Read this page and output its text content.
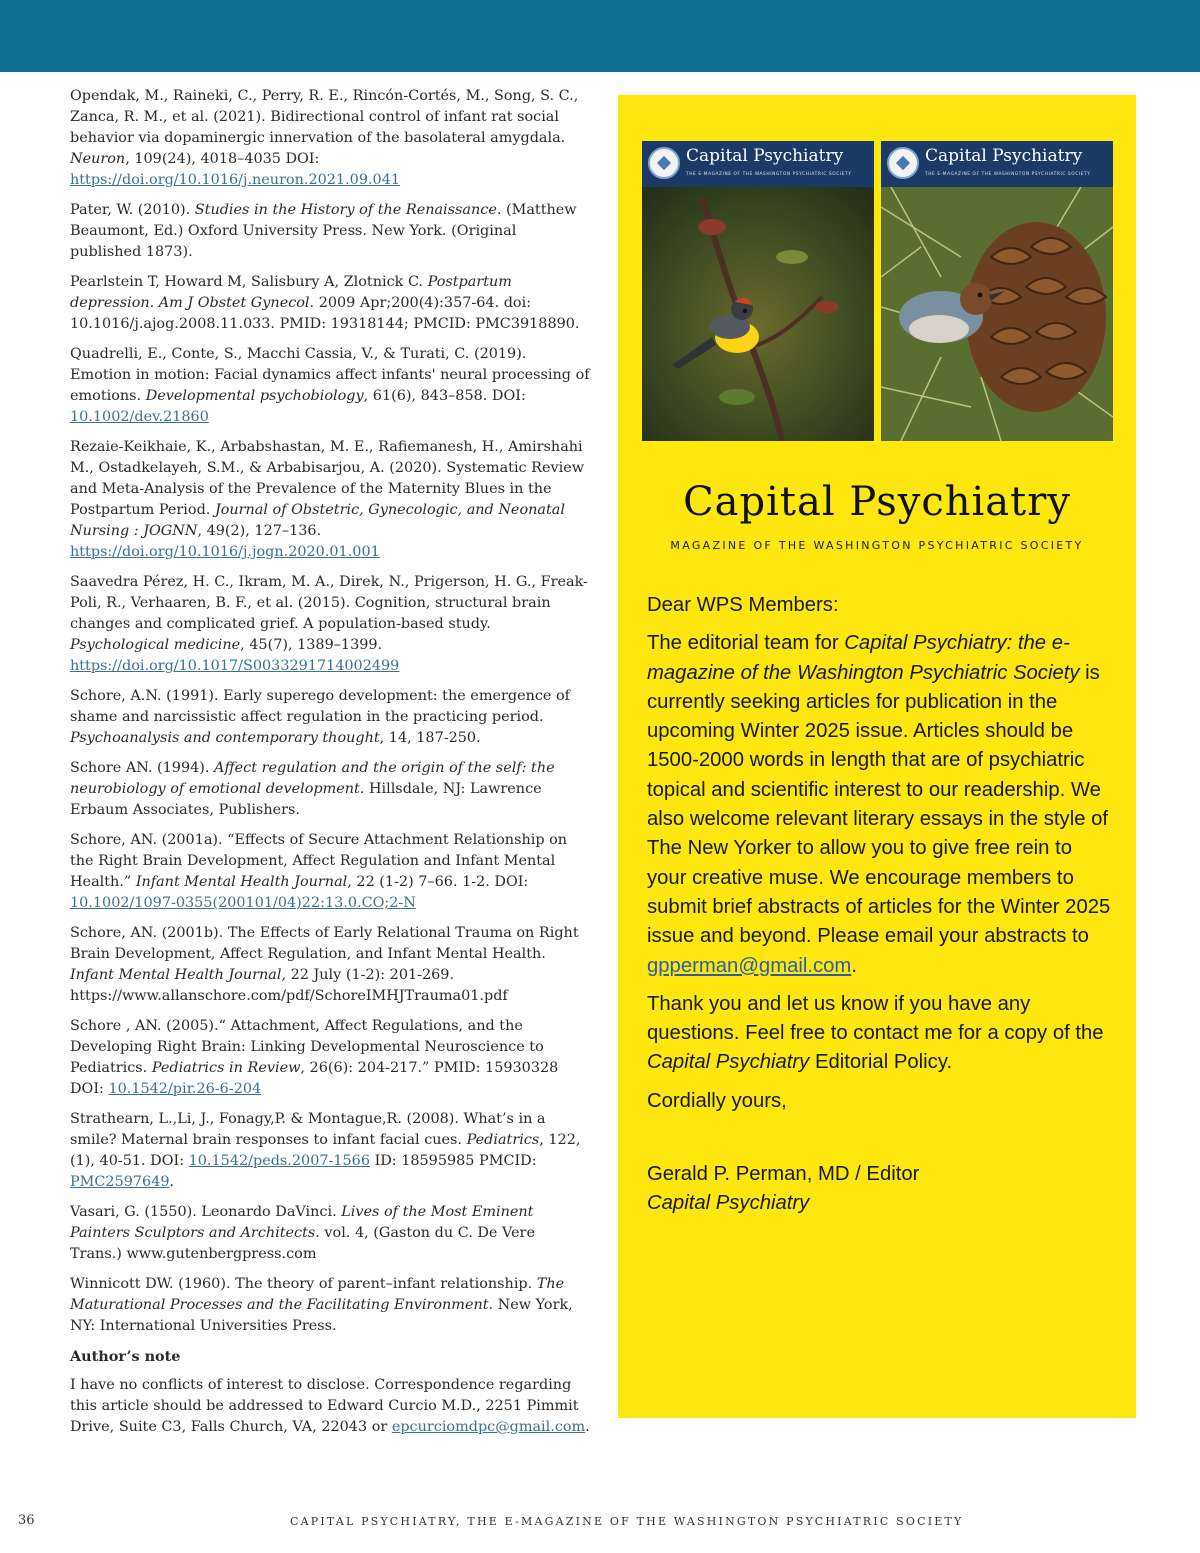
Opendak, M., Raineki, C., Perry, R. E., Rincón-Cortés, M., Song, S. C., Zanca, R. M., et al. (2021). Bidirectional control of infant rat social behavior via dopaminergic innervation of the basolateral amygdala. Neuron, 109(24), 4018–4035 DOI: https://doi.org/10.1016/j.neuron.2021.09.041
Pater, W. (2010). Studies in the History of the Renaissance. (Matthew Beaumont, Ed.) Oxford University Press. New York. (Original published 1873).
Pearlstein T, Howard M, Salisbury A, Zlotnick C. Postpartum depression. Am J Obstet Gynecol. 2009 Apr;200(4):357-64. doi: 10.1016/j.ajog.2008.11.033. PMID: 19318144; PMCID: PMC3918890.
Quadrelli, E., Conte, S., Macchi Cassia, V., & Turati, C. (2019). Emotion in motion: Facial dynamics affect infants' neural processing of emotions. Developmental psychobiology, 61(6), 843–858. DOI: 10.1002/dev.21860
Rezaie-Keikhaie, K., Arbabshastan, M. E., Rafiemanesh, H., Amirshahi M., Ostadkelayeh, S.M., & Arbabisarjou, A. (2020). Systematic Review and Meta-Analysis of the Prevalence of the Maternity Blues in the Postpartum Period. Journal of Obstetric, Gynecologic, and Neonatal Nursing : JOGNN, 49(2), 127–136. https://doi.org/10.1016/j.jogn.2020.01.001
Saavedra Pérez, H. C., Ikram, M. A., Direk, N., Prigerson, H. G., Freak-Poli, R., Verhaaren, B. F., et al. (2015). Cognition, structural brain changes and complicated grief. A population-based study. Psychological medicine, 45(7), 1389–1399. https://doi.org/10.1017/S0033291714002499
Schore, A.N. (1991). Early superego development: the emergence of shame and narcissistic affect regulation in the practicing period. Psychoanalysis and contemporary thought, 14, 187-250.
Schore AN. (1994). Affect regulation and the origin of the self: the neurobiology of emotional development. Hillsdale, NJ: Lawrence Erbaum Associates, Publishers.
Schore, AN. (2001a). “Effects of Secure Attachment Relationship on the Right Brain Development, Affect Regulation and Infant Mental Health.” Infant Mental Health Journal, 22 (1-2) 7–66. 1-2. DOI: 10.1002/1097-0355(200101/04)22:13.0.CO;2-N
Schore, AN. (2001b). The Effects of Early Relational Trauma on Right Brain Development, Affect Regulation, and Infant Mental Health. Infant Mental Health Journal, 22 July (1-2): 201-269. https://www.allanschore.com/pdf/SchoreIMHJTrauma01.pdf
Schore , AN. (2005).“ Attachment, Affect Regulations, and the Developing Right Brain: Linking Developmental Neuroscience to Pediatrics. Pediatrics in Review, 26(6): 204-217.” PMID: 15930328 DOI: 10.1542/pir.26-6-204
Strathearn, L.,Li, J., Fonagy,P. & Montague,R. (2008). What’s in a smile? Maternal brain responses to infant facial cues. Pediatrics, 122, (1), 40-51. DOI: 10.1542/peds.2007-1566 ID: 18595985 PMCID: PMC2597649.
Vasari, G. (1550). Leonardo DaVinci. Lives of the Most Eminent Painters Sculptors and Architects. vol. 4, (Gaston du C. De Vere Trans.) www.gutenbergpress.com
Winnicott DW. (1960). The theory of parent–infant relationship. The Maturational Processes and the Facilitating Environment. New York, NY: International Universities Press.
Author’s note
I have no conflicts of interest to disclose. Correspondence regarding this article should be addressed to Edward Curcio M.D., 2251 Pimmit Drive, Suite C3, Falls Church, VA, 22043 or epcurciomdpc@gmail.com.
Capital Psychiatry
THE E-MAGAZINE OF THE WASHINGTON PSYCHIATRIC SOCIETY
Capital Psychiatry
THE E-MAGAZINE OF THE WASHINGTON PSYCHIATRIC SOCIETY
Capital Psychiatry
MAGAZINE OF THE WASHINGTON PSYCHIATRIC SOCIETY

Dear WPS Members:

The editorial team for Capital Psychiatry: the e-magazine of the Washington Psychiatric Society is currently seeking articles for publication in the upcoming Winter 2025 issue. Articles should be 1500-2000 words in length that are of psychiatric topical and scientific interest to our readership. We also welcome relevant literary essays in the style of The New Yorker to allow you to give free rein to your creative muse. We encourage members to submit brief abstracts of articles for the Winter 2025 issue and beyond. Please email your abstracts to gpperman@gmail.com.

Thank you and let us know if you have any questions. Feel free to contact me for a copy of the Capital Psychiatry Editorial Policy.

Cordially yours,

Gerald P. Perman, MD / Editor
Capital Psychiatry
36	CAPITAL PSYCHIATRY, THE E-MAGAZINE OF THE WASHINGTON PSYCHIATRIC SOCIETY
